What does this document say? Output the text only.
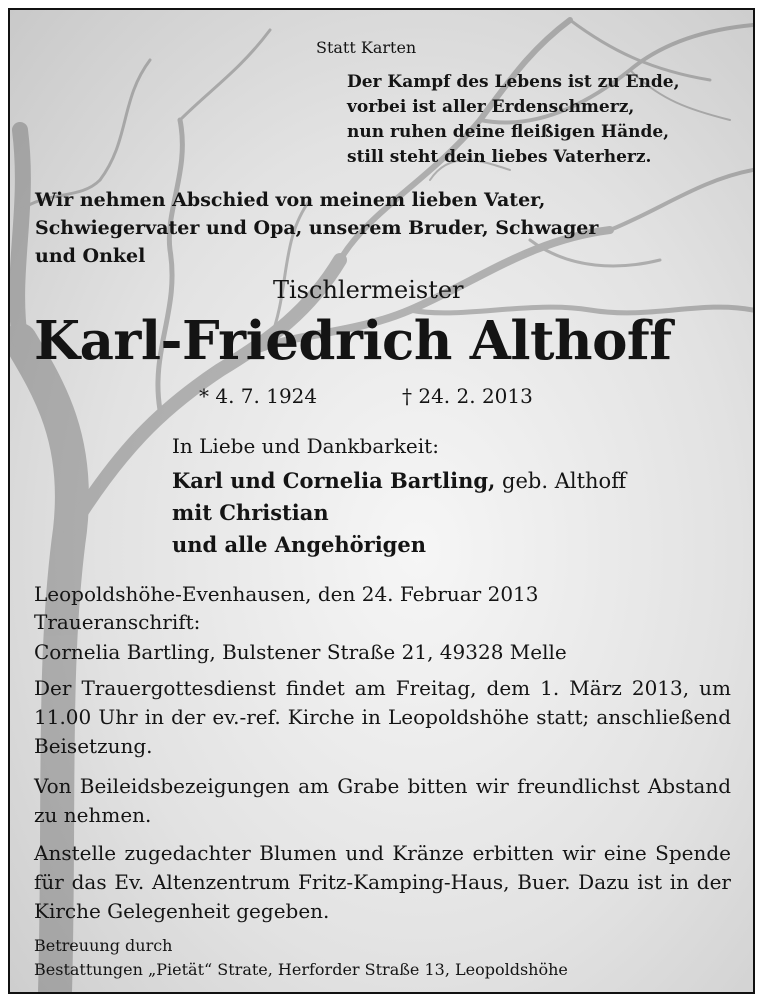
Statt Karten
Der Kampf des Lebens ist zu Ende,
vorbei ist aller Erdenschmerz,
nun ruhen deine fleißigen Hände,
still steht dein liebes Vaterherz.
Wir nehmen Abschied von meinem lieben Vater,
Schwiegervater und Opa, unserem Bruder, Schwager
und Onkel
Tischlermeister
Karl-Friedrich Althoff
* 4. 7. 1924	† 24. 2. 2013
In Liebe und Dankbarkeit:
Karl und Cornelia Bartling, geb. Althoff
mit Christian
und alle Angehörigen
Leopoldshöhe-Evenhausen, den 24. Februar 2013
Traueranschrift:
Cornelia Bartling, Bulstener Straße 21, 49328 Melle
Der Trauergottesdienst findet am Freitag, dem 1. März 2013, um 11.00 Uhr in der ev.-ref. Kirche in Leopoldshöhe statt; anschließend Beisetzung.
Von Beileidsbezeigungen am Grabe bitten wir freundlichst Abstand zu nehmen.
Anstelle zugedachter Blumen und Kränze erbitten wir eine Spende für das Ev. Altenzentrum Fritz-Kamping-Haus, Buer. Dazu ist in der Kirche Gelegenheit gegeben.
Betreuung durch
Bestattungen „Pietät“ Strate, Herforder Straße 13, Leopoldshöhe
